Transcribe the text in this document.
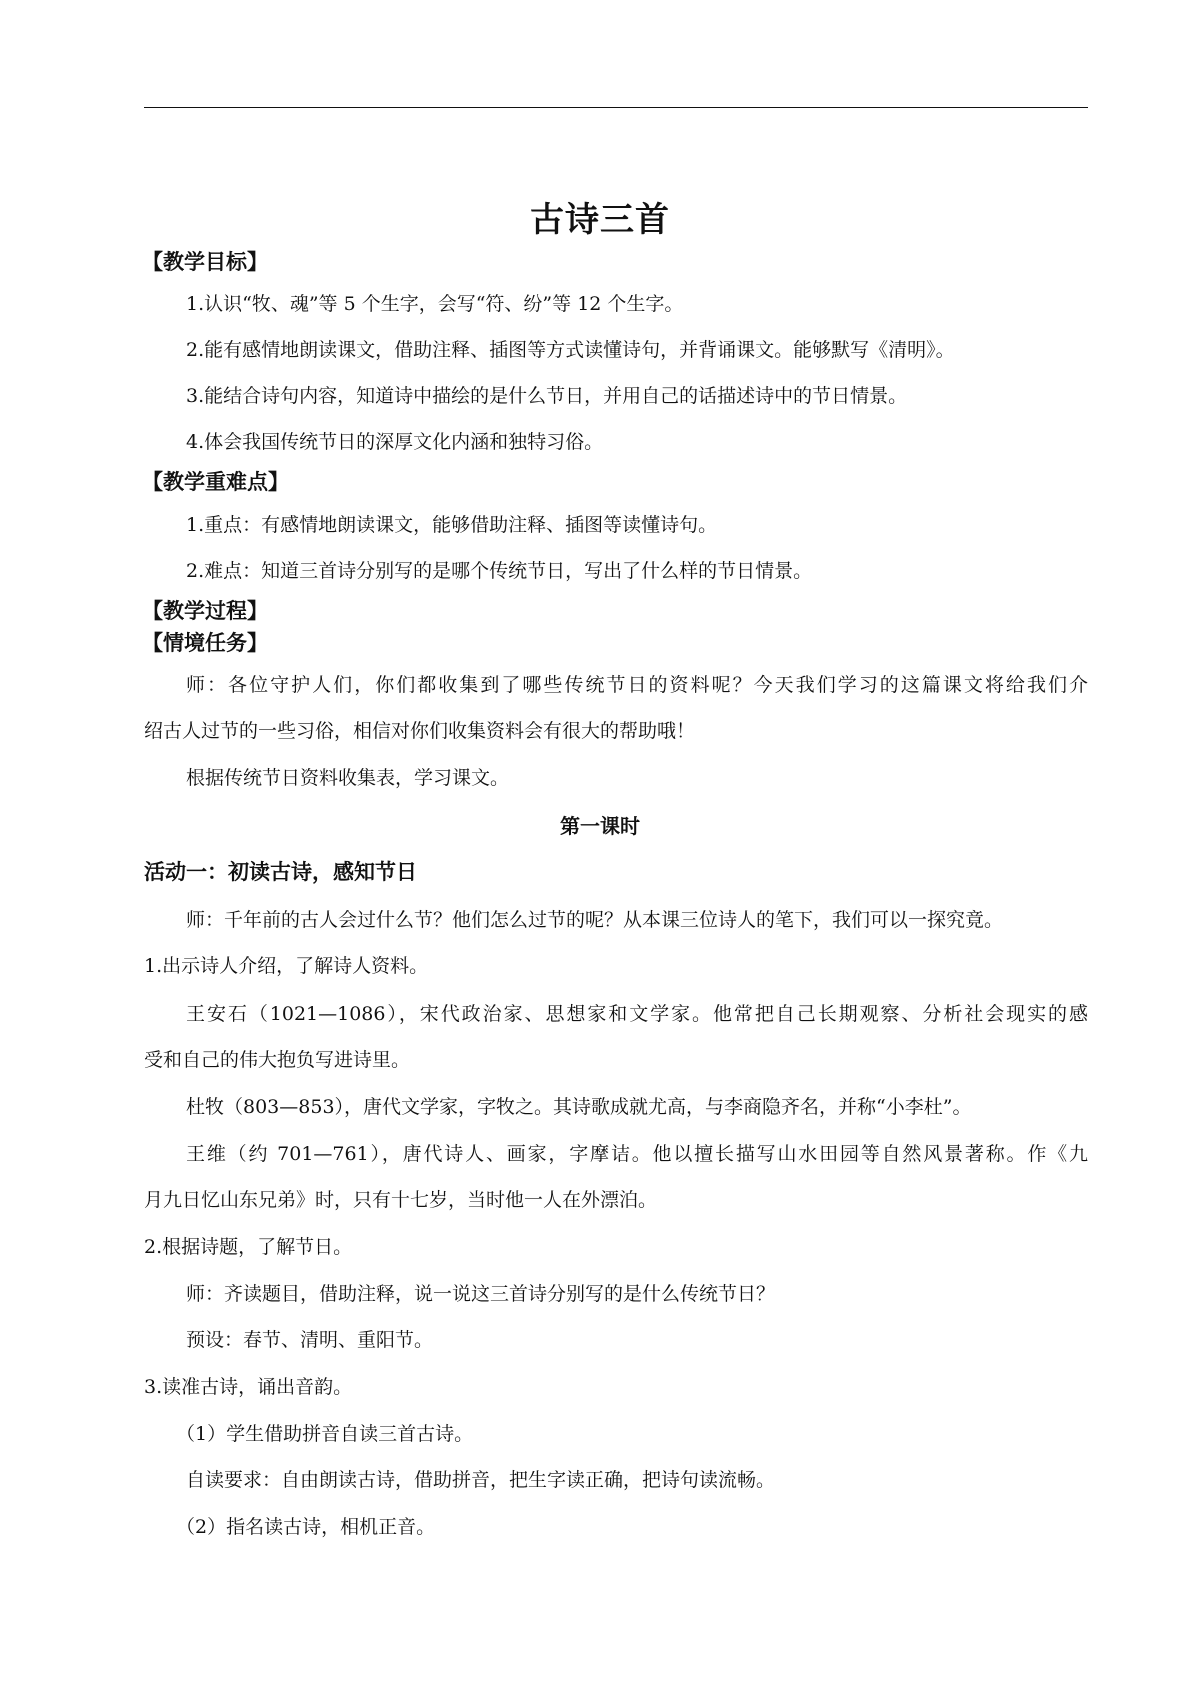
古诗三首
【教学目标】
1.认识“牧、魂”等 5 个生字，会写“符、纷”等 12 个生字。
2.能有感情地朗读课文，借助注释、插图等方式读懂诗句，并背诵课文。能够默写《清明》。
3.能结合诗句内容，知道诗中描绘的是什么节日，并用自己的话描述诗中的节日情景。
4.体会我国传统节日的深厚文化内涵和独特习俗。
【教学重难点】
1.重点：有感情地朗读课文，能够借助注释、插图等读懂诗句。
2.难点：知道三首诗分别写的是哪个传统节日，写出了什么样的节日情景。
【教学过程】
【情境任务】
师：各位守护人们，你们都收集到了哪些传统节日的资料呢？今天我们学习的这篇课文将给我们介
绍古人过节的一些习俗，相信对你们收集资料会有很大的帮助哦！
根据传统节日资料收集表，学习课文。
第一课时
活动一：初读古诗，感知节日
师：千年前的古人会过什么节？他们怎么过节的呢？从本课三位诗人的笔下，我们可以一探究竟。
1.出示诗人介绍，了解诗人资料。
王安石（1021—1086），宋代政治家、思想家和文学家。他常把自己长期观察、分析社会现实的感
受和自己的伟大抱负写进诗里。
杜牧（803—853），唐代文学家，字牧之。其诗歌成就尤高，与李商隐齐名，并称“小李杜”。
王维（约 701—761），唐代诗人、画家，字摩诘。他以擅长描写山水田园等自然风景著称。作《九
月九日忆山东兄弟》时，只有十七岁，当时他一人在外漂泊。
2.根据诗题，了解节日。
师：齐读题目，借助注释，说一说这三首诗分别写的是什么传统节日？
预设：春节、清明、重阳节。
3.读准古诗，诵出音韵。
（1）学生借助拼音自读三首古诗。
自读要求：自由朗读古诗，借助拼音，把生字读正确，把诗句读流畅。
（2）指名读古诗，相机正音。
